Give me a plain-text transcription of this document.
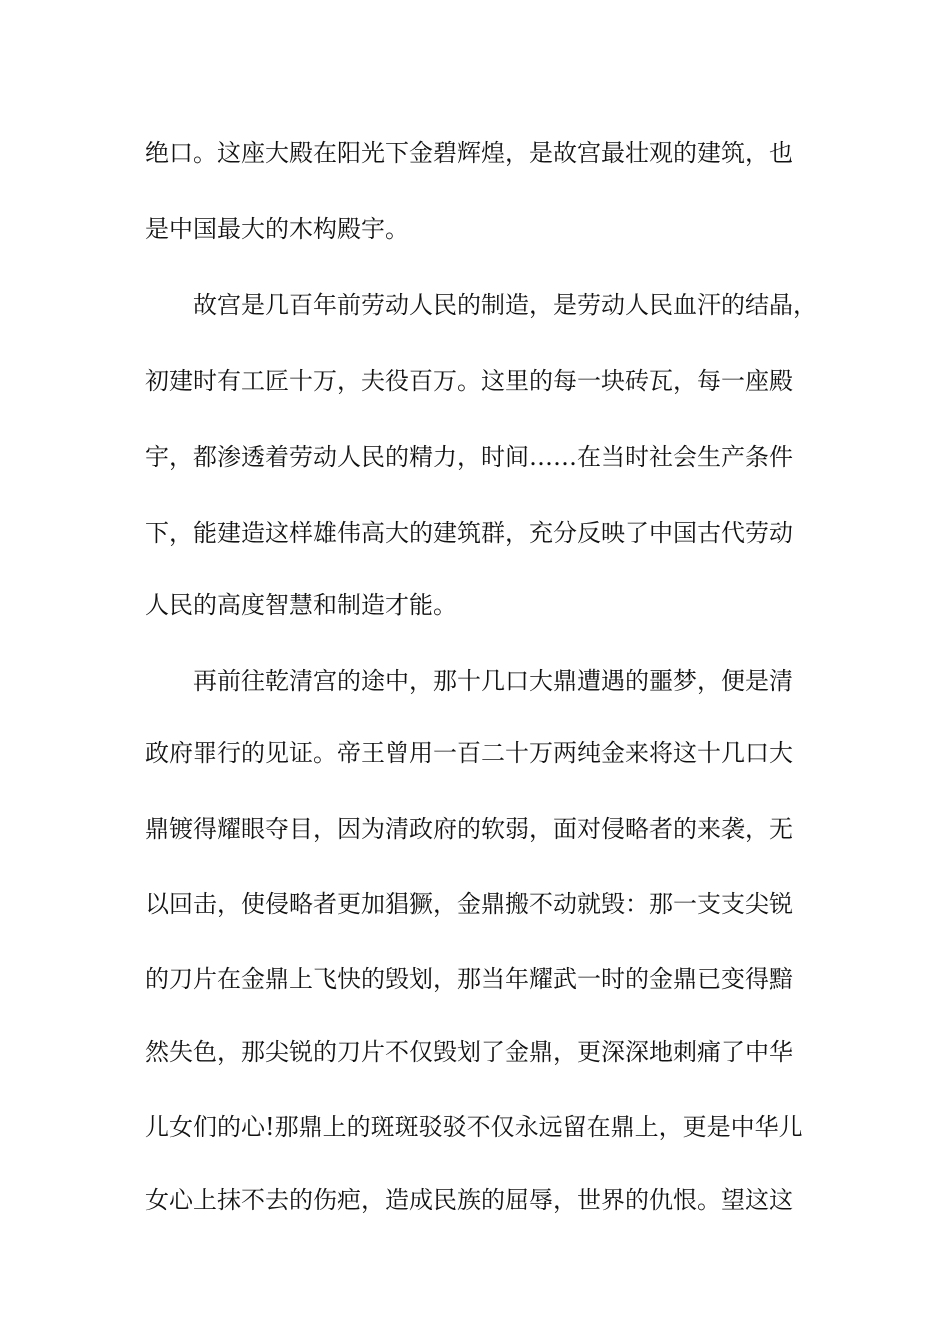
绝口。这座大殿在阳光下金碧辉煌，是故宫最壮观的建筑，也
是中国最大的木构殿宇。
故宫是几百年前劳动人民的制造，是劳动人民血汗的结晶，
初建时有工匠十万，夫役百万。这里的每一块砖瓦，每一座殿
宇，都渗透着劳动人民的精力，时间……在当时社会生产条件
下，能建造这样雄伟高大的建筑群，充分反映了中国古代劳动
人民的高度智慧和制造才能。
再前往乾清宫的途中，那十几口大鼎遭遇的噩梦，便是清
政府罪行的见证。帝王曾用一百二十万两纯金来将这十几口大
鼎镀得耀眼夺目，因为清政府的软弱，面对侵略者的来袭，无
以回击，使侵略者更加猖獗，金鼎搬不动就毁：那一支支尖锐
的刀片在金鼎上飞快的毁划，那当年耀武一时的金鼎已变得黯
然失色，那尖锐的刀片不仅毁划了金鼎，更深深地刺痛了中华
儿女们的心!那鼎上的斑斑驳驳不仅永远留在鼎上，更是中华儿
女心上抹不去的伤疤，造成民族的屈辱，世界的仇恨。望这这
